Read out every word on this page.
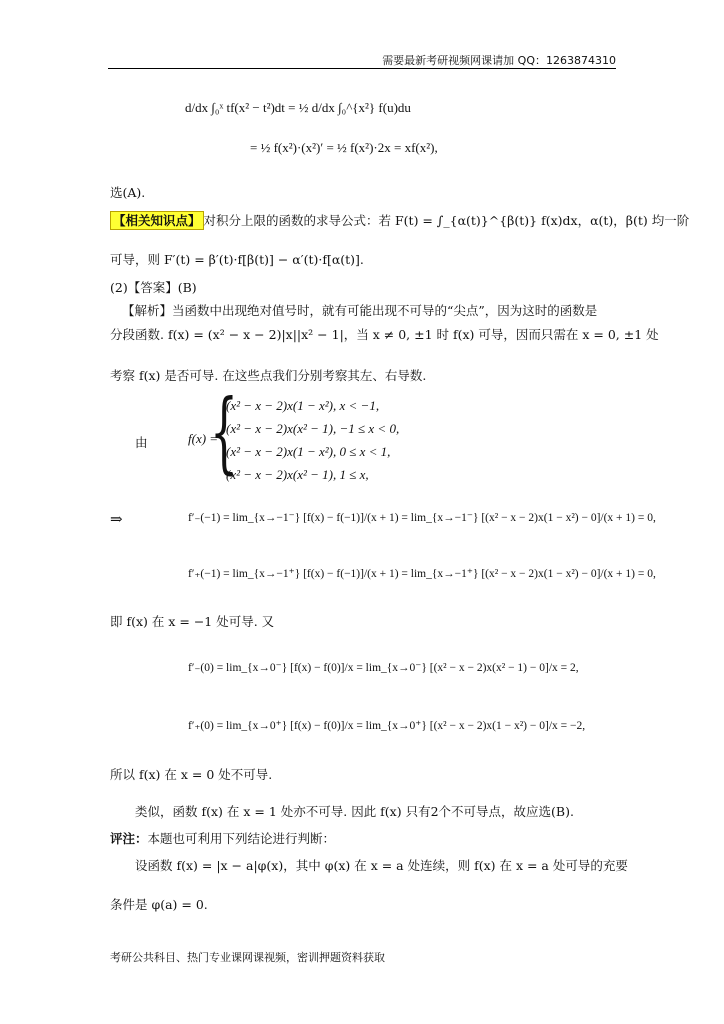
需要最新考研视频网课请加 QQ：1263874310
d/dx ∫₀ˣ tf(x² − t²)dt = ½ d/dx ∫₀^{x²} f(u)du
= ½ f(x²)·(x²)′ = ½ f(x²)·2x = xf(x²),
选(A).
【相关知识点】 对积分上限的函数的求导公式：若 F(t) = ∫_{α(t)}^{β(t)} f(x)dx，α(t)，β(t) 均一阶
可导，则 F′(t) = β′(t)·f[β(t)] − α′(t)·f[α(t)].
(2)【答案】(B)
【解析】当函数中出现绝对值号时，就有可能出现不可导的“尖点”，因为这时的函数是
分段函数. f(x) = (x² − x − 2)|x||x² − 1|，当 x ≠ 0, ±1 时 f(x) 可导，因而只需在 x = 0, ±1 处
考察 f(x) 是否可导. 在这些点我们分别考察其左、右导数.
由	f(x) =
{
(x² − x − 2)x(1 − x²), x < −1,
(x² − x − 2)x(x² − 1), −1 ≤ x < 0,
(x² − x − 2)x(1 − x²), 0 ≤ x < 1,
(x² − x − 2)x(x² − 1), 1 ≤ x,
⇒	f′₋(−1) = lim_{x→−1⁻} [f(x) − f(−1)]/(x + 1) = lim_{x→−1⁻} [(x² − x − 2)x(1 − x²) − 0]/(x + 1) = 0,
f′₊(−1) = lim_{x→−1⁺} [f(x) − f(−1)]/(x + 1) = lim_{x→−1⁺} [(x² − x − 2)x(1 − x²) − 0]/(x + 1) = 0,
即 f(x) 在 x = −1 处可导. 又
f′₋(0) = lim_{x→0⁻} [f(x) − f(0)]/x = lim_{x→0⁻} [(x² − x − 2)x(x² − 1) − 0]/x = 2,
f′₊(0) = lim_{x→0⁺} [f(x) − f(0)]/x = lim_{x→0⁺} [(x² − x − 2)x(1 − x²) − 0]/x = −2,
所以 f(x) 在 x = 0 处不可导.
类似，函数 f(x) 在 x = 1 处亦不可导. 因此 f(x) 只有2个不可导点，故应选(B).
评注：本题也可利用下列结论进行判断：
设函数 f(x) = |x − a|φ(x)，其中 φ(x) 在 x = a 处连续，则 f(x) 在 x = a 处可导的充要
条件是 φ(a) = 0.
考研公共科目、热门专业课网课视频，密训押题资料获取
